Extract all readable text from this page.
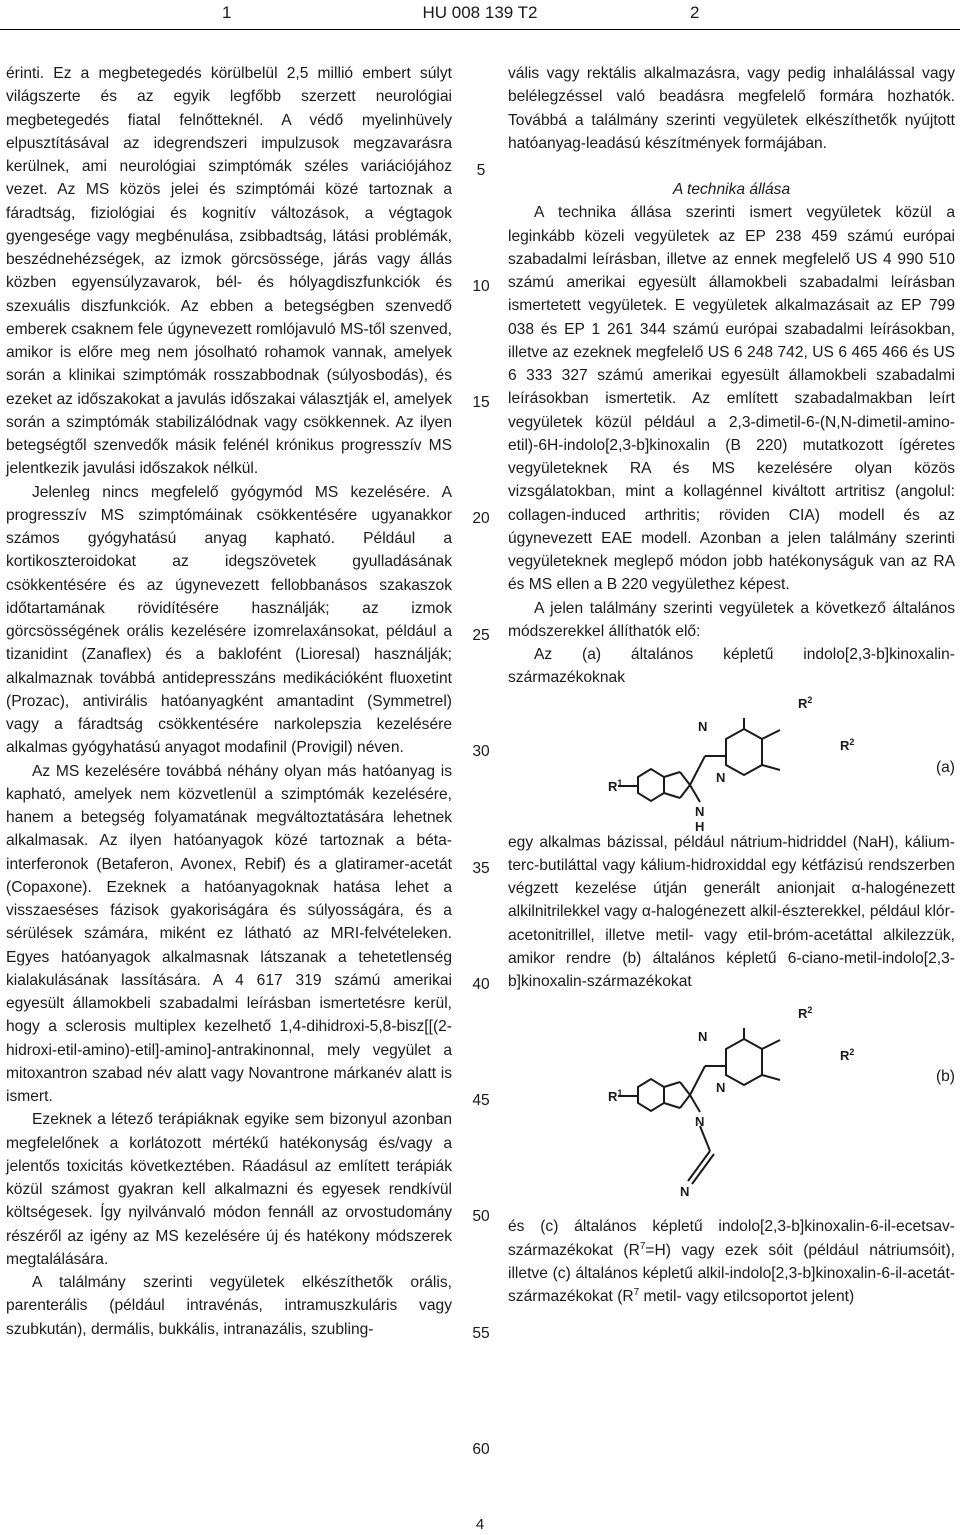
1	HU 008 139 T2	2

érinti. Ez a megbetegedés körülbelül 2,5 millió embert súlyt világszerte és az egyik legfőbb szerzett neurológiai megbetegedés fiatal felnőtteknél. A védő myelinhüvely elpusztításával az idegrendszeri impulzusok megzavarásra kerülnek, ami neurológiai szimptómák széles variációjához vezet. Az MS közös jelei és szimptómái közé tartoznak a fáradtság, fiziológiai és kognitív változások, a végtagok gyengesége vagy megbénulása, zsibbadtság, látási problémák, beszédnehézségek, az izmok görcsössége, járás vagy állás közben egyensúlyzavarok, bél- és hólyagdiszfunkciók és szexuális diszfunkciók. Az ebben a betegségben szenvedő emberek csaknem fele úgynevezett romlójavuló MS-től szenved, amikor is előre meg nem jósolható rohamok vannak, amelyek során a klinikai szimptómák rosszabbodnak (súlyosbodás), és ezeket az időszakokat a javulás időszakai választják el, amelyek során a szimptómák stabilizálódnak vagy csökkennek. Az ilyen betegségtől szenvedők másik felénél krónikus progresszív MS jelentkezik javulási időszakok nélkül.

Jelenleg nincs megfelelő gyógymód MS kezelésére. A progresszív MS szimptómáinak csökkentésére ugyanakkor számos gyógyhatású anyag kapható. Például a kortikoszteroidokat az idegszövetek gyulladásának csökkentésére és az úgynevezett fellobbanásos szakaszok időtartamának rövidítésére használják; az izmok görcsösségének orális kezelésére izomrelaxánsokat, például a tizanidint (Zanaflex) és a baklofént (Lioresal) használják; alkalmaznak továbbá antidepresszáns medikációként fluoxetint (Prozac), antivirális hatóanyagként amantadint (Symmetrel) vagy a fáradtság csökkentésére narkolepszia kezelésére alkalmas gyógyhatású anyagot modafinil (Provigil) néven.

Az MS kezelésére továbbá néhány olyan más hatóanyag is kapható, amelyek nem közvetlenül a szimptómák kezelésére, hanem a betegség folyamatának megváltoztatására lehetnek alkalmasak. Az ilyen hatóanyagok közé tartoznak a béta-interferonok (Betaferon, Avonex, Rebif) és a glatiramer-acetát (Copaxone). Ezeknek a hatóanyagoknak hatása lehet a visszaeséses fázisok gyakoriságára és súlyosságára, és a sérülések számára, miként ez látható az MRI-felvételeken. Egyes hatóanyagok alkalmasnak látszanak a tehetetlenség kialakulásának lassítására. A 4 617 319 számú amerikai egyesült államokbeli szabadalmi leírásban ismertetésre kerül, hogy a sclerosis multiplex kezelhető 1,4-dihidroxi-5,8-bisz[[(2-hidroxi-etil-amino)-etil]-amino]-antrakinonnal, mely vegyület a mitoxantron szabad név alatt vagy Novantrone márkanév alatt is ismert.

Ezeknek a létező terápiáknak egyike sem bizonyul azonban megfelelőnek a korlátozott mértékű hatékonyság és/vagy a jelentős toxicitás következtében. Ráadásul az említett terápiák közül számost gyakran kell alkalmazni és egyesek rendkívül költségesek. Így nyilvánvaló módon fennáll az orvostudomány részéről az igény az MS kezelésére új és hatékony módszerek megtalálására.

A találmány szerinti vegyületek elkészíthetők orális, parenterális (például intravénás, intramuszkuláris vagy szubkután), dermális, bukkális, intranazális, szubling-

5
10
15
20
25
30
35
40
45
50
55
60

vális vagy rektális alkalmazásra, vagy pedig inhalálással vagy belélegzéssel való beadásra megfelelő formára hozhatók. Továbbá a találmány szerinti vegyületek elkészíthetők nyújtott hatóanyag-leadású készítmények formájában.

A technika állása

A technika állása szerinti ismert vegyületek közül a leginkább közeli vegyületek az EP 238 459 számú európai szabadalmi leírásban, illetve az ennek megfelelő US 4 990 510 számú amerikai egyesült államokbeli szabadalmi leírásban ismertetett vegyületek. E vegyületek alkalmazásait az EP 799 038 és EP 1 261 344 számú európai szabadalmi leírásokban, illetve az ezeknek megfelelő US 6 248 742, US 6 465 466 és US 6 333 327 számú amerikai egyesült államokbeli szabadalmi leírásokban ismertetik. Az említett szabadalmakban leírt vegyületek közül például a 2,3-dimetil-6-(N,N-dimetil-amino-etil)-6H-indolo[2,3-b]kinoxalin (B 220) mutatkozott ígéretes vegyületeknek RA és MS kezelésére olyan közös vizsgálatokban, mint a kollagénnel kiváltott artritisz (angolul: collagen-induced arthritis; röviden CIA) modell és az úgynevezett EAE modell. Azonban a jelen találmány szerinti vegyületeknek meglepő módon jobb hatékonyságuk van az RA és MS ellen a B 220 vegyülethez képest.

A jelen találmány szerinti vegyületek a következő általános módszerekkel állíthatók elő:

Az (a) általános képletű indolo[2,3-b]kinoxalin-származékoknak

N
N
N
H
$R^1$
$R^2$
$R^2$
(a)

egy alkalmas bázissal, például nátrium-hidriddel (NaH), kálium-terc-butiláttal vagy kálium-hidroxiddal egy kétfázisú rendszerben végzett kezelése útján generált anionjait α-halogénezett alkilnitrilekkel vagy α-halogénezett alkil-észterekkel, például klór-acetonitrillel, illetve metil- vagy etil-bróm-acetáttal alkilezzük, amikor rendre (b) általános képletű 6-ciano-metil-indolo[2,3-b]kinoxalin-származékokat

N
N
N
N
$R^1$
$R^2$
$R^2$
(b)

és (c) általános képletű indolo[2,3-b]kinoxalin-6-il-ecetsav-származékokat $(R^7=H)$ vagy ezek sóit (például nátriumsóit), illetve (c) általános képletű alkil-indolo[2,3-b]kinoxalin-6-il-acetát-származékokat ($R^7$ metil- vagy etilcsoportot jelent)

4
